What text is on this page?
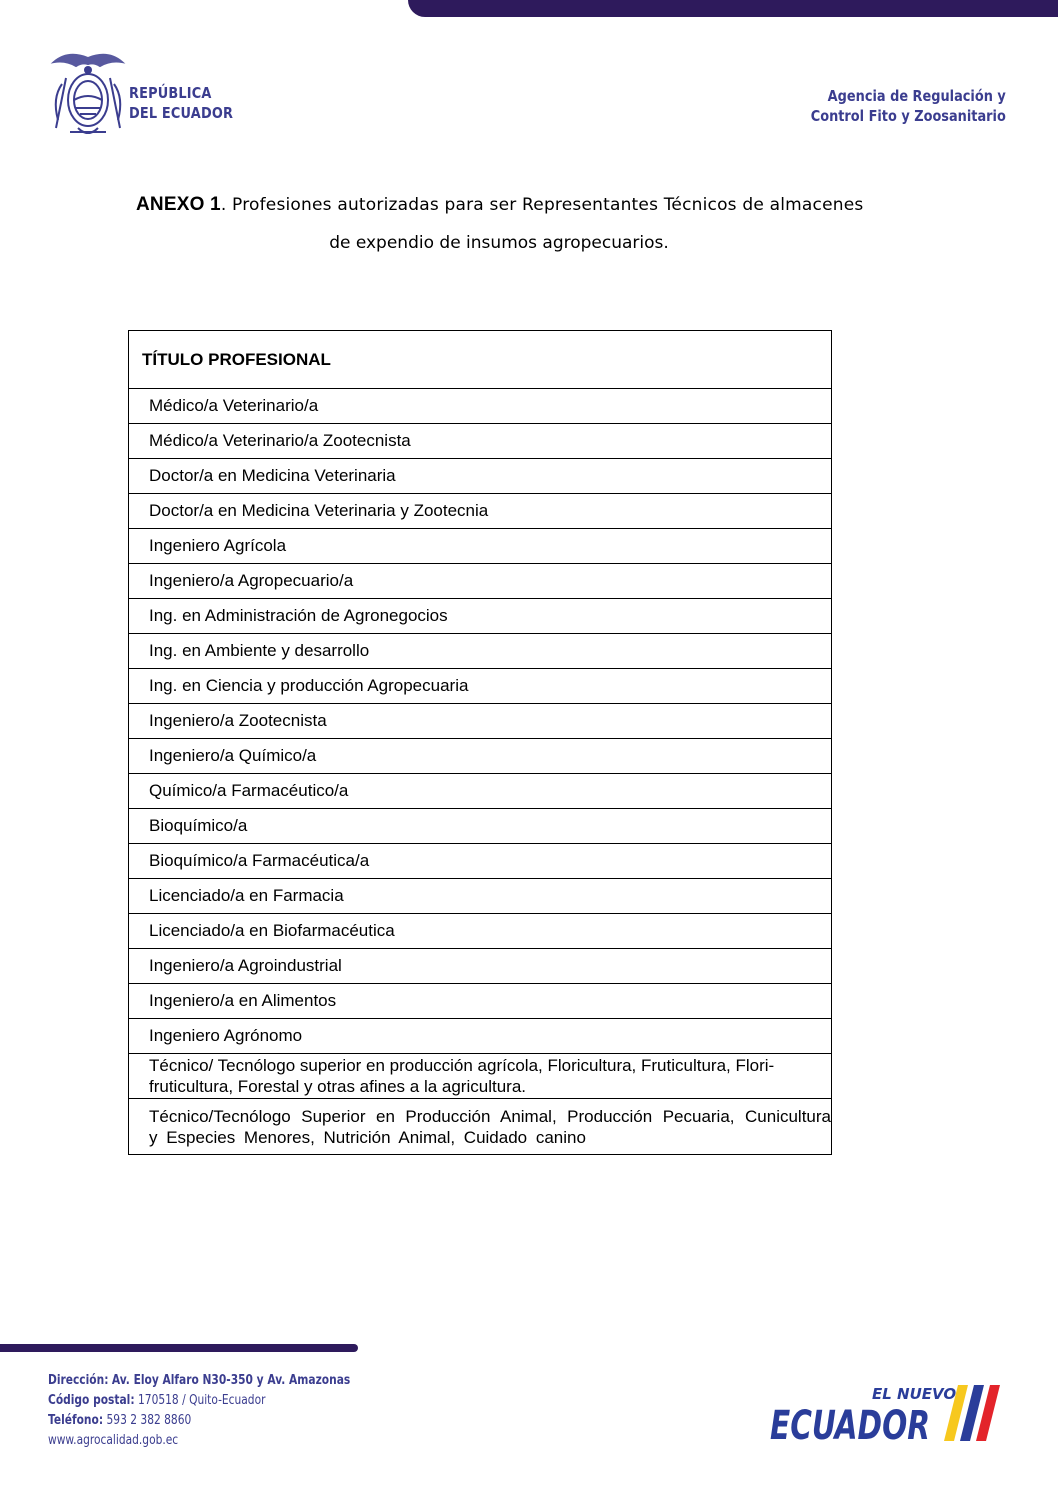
REPÚBLICA
DEL ECUADOR
Agencia de Regulación y
Control Fito y Zoosanitario
ANEXO 1. Profesiones autorizadas para ser Representantes Técnicos de almacenes
de expendio de insumos agropecuarios.
TÍTULO PROFESIONAL
Médico/a Veterinario/a
Médico/a Veterinario/a Zootecnista
Doctor/a en Medicina Veterinaria
Doctor/a en Medicina Veterinaria y Zootecnia
Ingeniero Agrícola
Ingeniero/a Agropecuario/a
Ing. en Administración de Agronegocios
Ing. en Ambiente y desarrollo
Ing. en Ciencia y producción Agropecuaria
Ingeniero/a Zootecnista
Ingeniero/a Químico/a
Químico/a Farmacéutico/a
Bioquímico/a
Bioquímico/a Farmacéutica/a
Licenciado/a en Farmacia
Licenciado/a en Biofarmacéutica
Ingeniero/a Agroindustrial
Ingeniero/a en Alimentos
Ingeniero Agrónomo
Técnico/ Tecnólogo superior en producción agrícola, Floricultura, Fruticultura, Flori-fruticultura, Forestal y otras afines a la agricultura.
Técnico/Tecnólogo Superior en Producción Animal, Producción Pecuaria, Cunicultura y Especies Menores, Nutrición Animal, Cuidado canino
Dirección: Av. Eloy Alfaro N30-350 y Av. Amazonas
Código postal: 170518 / Quito-Ecuador
Teléfono: 593 2 382 8860
www.agrocalidad.gob.ec
EL NUEVO
ECUADOR
